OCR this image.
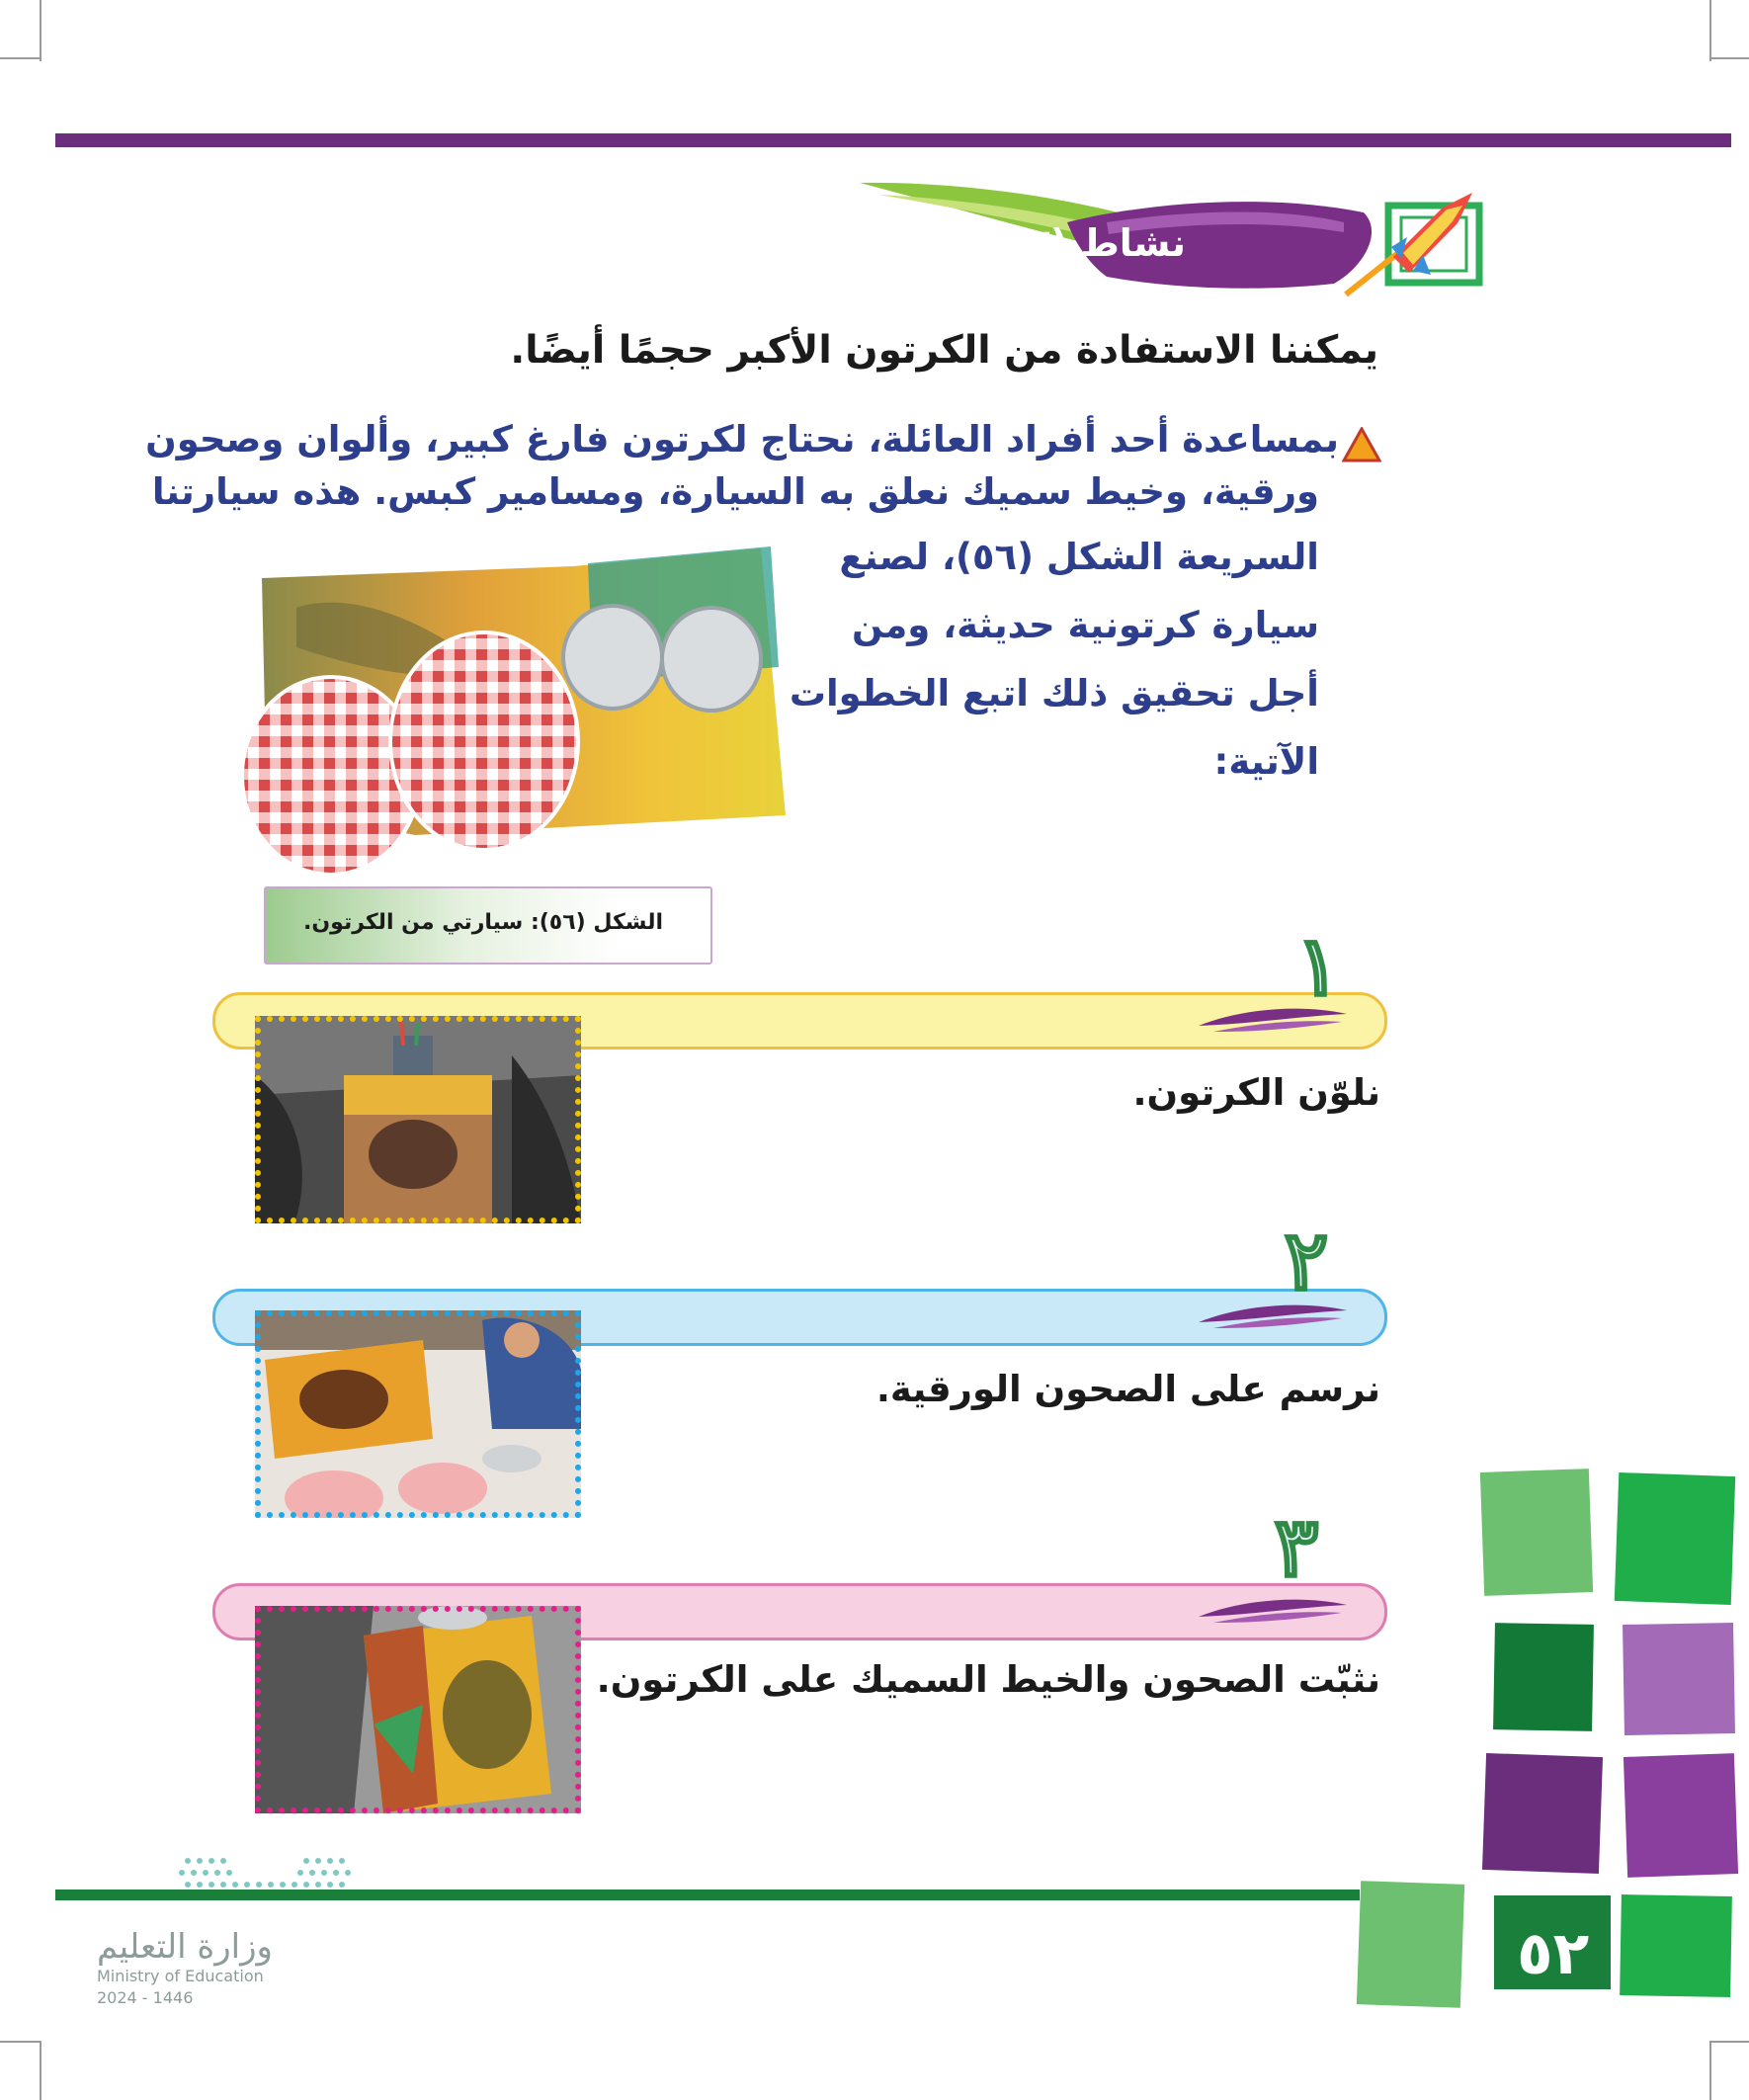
نشاط (٢)
يمكننا الاستفادة من الكرتون الأكبر حجمًا أيضًا.
بمساعدة أحد أفراد العائلة، نحتاج لكرتون فارغ كبير، وألوان وصحون
ورقية، وخيط سميك نعلق به السيارة، ومسامير كبس. هذه سيارتنا
السريعة الشكل (٥٦)، لصنع
سيارة كرتونية حديثة، ومن
أجل تحقيق ذلك اتبع الخطوات
الآتية:
الشكل (٥٦): سيارتي من الكرتون.	١
نلوّن الكرتون.
٢
نرسم على الصحون الورقية.
٣
نثبّت الصحون والخيط السميك على الكرتون.
٥٢
وزارة التعليم
Ministry of Education
2024 - 1446
